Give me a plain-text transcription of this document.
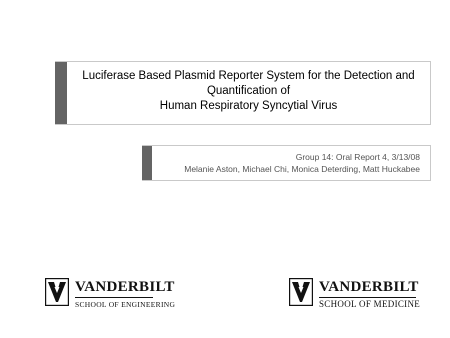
Luciferase Based Plasmid Reporter System for the Detection and
Quantification of
Human Respiratory Syncytial Virus
Group 14: Oral Report 4, 3/13/08
Melanie Aston, Michael Chi, Monica Deterding, Matt Huckabee
VANDERBILT
SCHOOL OF ENGINEERING
VANDERBILT
SCHOOL OF MEDICINE
